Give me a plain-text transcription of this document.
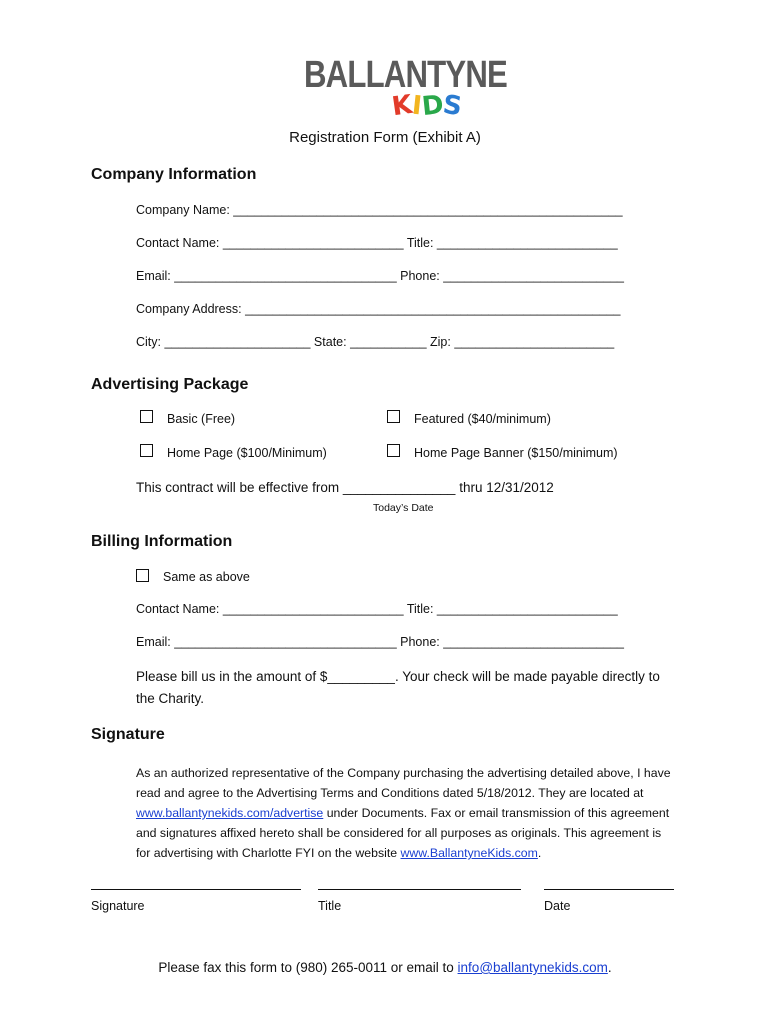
BALLANTYNE
KIDS
Registration Form (Exhibit A)
Company Information
Company Name: ________________________________________________________
Contact Name: __________________________ Title: __________________________
Email: ________________________________ Phone: __________________________
Company Address: ______________________________________________________
City: _____________________ State: ___________ Zip: _______________________
Advertising Package
Basic (Free)	Featured ($40/minimum)
Home Page ($100/Minimum)	Home Page Banner ($150/minimum)
This contract will be effective from _______________ thru 12/31/2012
Today’s Date
Billing Information
Same as above
Contact Name: __________________________ Title: __________________________
Email: ________________________________ Phone: __________________________
Please bill us in the amount of $_________. Your check will be made payable directly to
the Charity.
Signature
As an authorized representative of the Company purchasing the advertising detailed above, I have read and agree to the Advertising Terms and Conditions dated 5/18/2012. They are located at www.ballantynekids.com/advertise under Documents. Fax or email transmission of this agreement and signatures affixed hereto shall be considered for all purposes as originals. This agreement is for advertising with Charlotte FYI on the website www.BallantyneKids.com.
Signature	Title	Date
Please fax this form to (980) 265-0011 or email to info@ballantynekids.com.
